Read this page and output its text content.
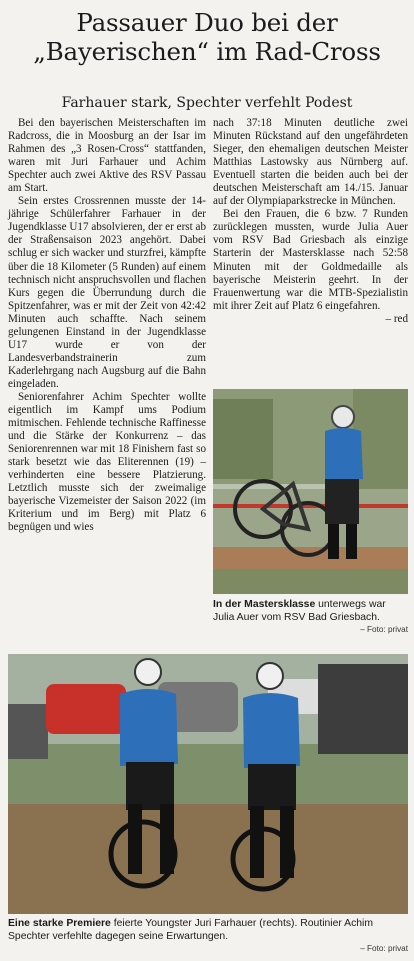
Passauer Duo bei der
„Bayerischen“ im Rad-Cross
Farhauer stark, Spechter verfehlt Podest

Bei den bayerischen Meisterschaften im Radcross, die in Moosburg an der Isar im Rahmen des „3 Rosen-Cross“ stattfanden, waren mit Juri Farhauer und Achim Spechter auch zwei Aktive des RSV Passau am Start.

Sein erstes Crossrennen musste der 14-jährige Schülerfahrer Farhauer in der Jugendklasse U17 absolvieren, der er erst ab der Straßensaison 2023 angehört. Dabei schlug er sich wacker und sturzfrei, kämpfte über die 18 Kilometer (5 Runden) auf einem technisch nicht anspruchsvollen und flachen Kurs gegen die Überrundung durch die Spitzenfahrer, was er mit der Zeit von 42:42 Minuten auch schaffte. Nach seinem gelungenen Einstand in der Jugendklasse U17 wurde er von der Landesverbandstrainerin zum Kaderlehrgang nach Augsburg auf die Bahn eingeladen.

Seniorenfahrer Achim Spechter wollte eigentlich im Kampf ums Podium mitmischen. Fehlende technische Raffinesse und die Stärke der Konkurrenz – das Seniorenrennen war mit 18 Finishern fast so stark besetzt wie das Eliterennen (19) – verhinderten eine bessere Platzierung. Letztlich musste sich der zweimalige bayerische Vizemeister der Saison 2022 (im Kriterium und im Berg) mit Platz 6 begnügen und wies

nach 37:18 Minuten deutliche zwei Minuten Rückstand auf den ungefährdeten Sieger, den ehemaligen deutschen Meister Matthias Lastowsky aus Nürnberg auf. Eventuell starten die beiden auch bei der deutschen Meisterschaft am 14./15. Januar auf der Olympiaparkstrecke in München.

Bei den Frauen, die 6 bzw. 7 Runden zurücklegen mussten, wurde Julia Auer vom RSV Bad Griesbach als einzige Starterin der Mastersklasse nach 52:58 Minuten mit der Goldmedaille als bayerische Meisterin geehrt. In der Frauenwertung war die MTB-Spezialistin mit ihrer Zeit auf Platz 6 eingefahren.

– red
In der Mastersklasse unterwegs war Julia Auer vom RSV Bad Griesbach.
– Foto: privat
Eine starke Premiere feierte Youngster Juri Farhauer (rechts). Routinier Achim Spechter verfehlte dagegen seine Erwartungen.
– Foto: privat
